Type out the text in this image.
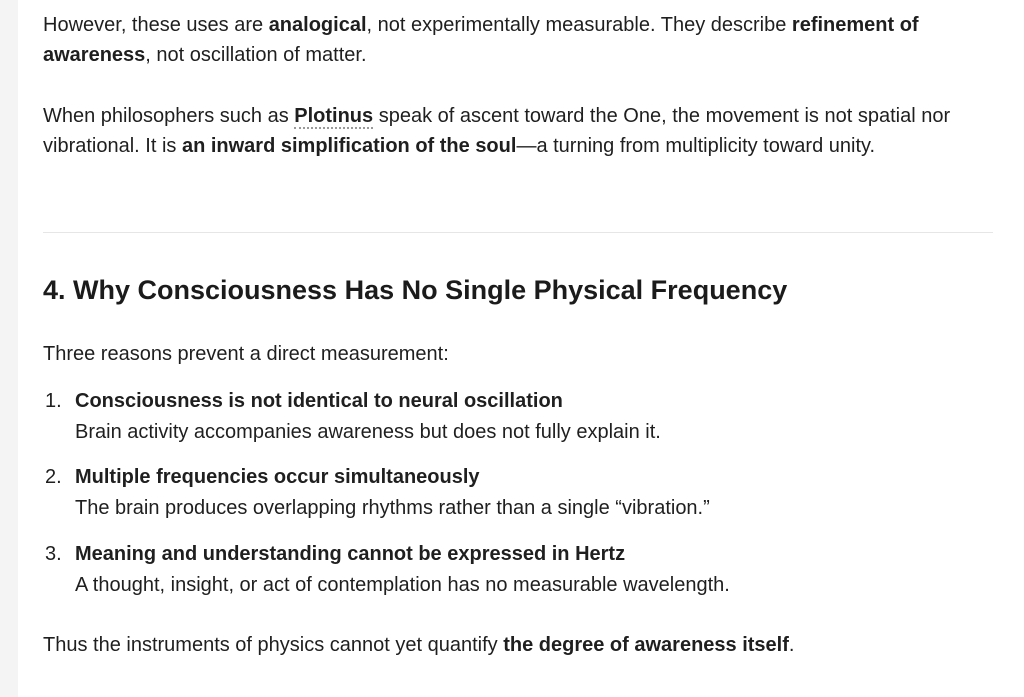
However, these uses are analogical, not experimentally measurable. They describe refinement of awareness, not oscillation of matter.

When philosophers such as Plotinus speak of ascent toward the One, the movement is not spatial nor vibrational. It is an inward simplification of the soul—a turning from multiplicity toward unity.

4. Why Consciousness Has No Single Physical Frequency

Three reasons prevent a direct measurement:

1. Consciousness is not identical to neural oscillation
Brain activity accompanies awareness but does not fully explain it.
2. Multiple frequencies occur simultaneously
The brain produces overlapping rhythms rather than a single “vibration.”
3. Meaning and understanding cannot be expressed in Hertz
A thought, insight, or act of contemplation has no measurable wavelength.

Thus the instruments of physics cannot yet quantify the degree of awareness itself.
